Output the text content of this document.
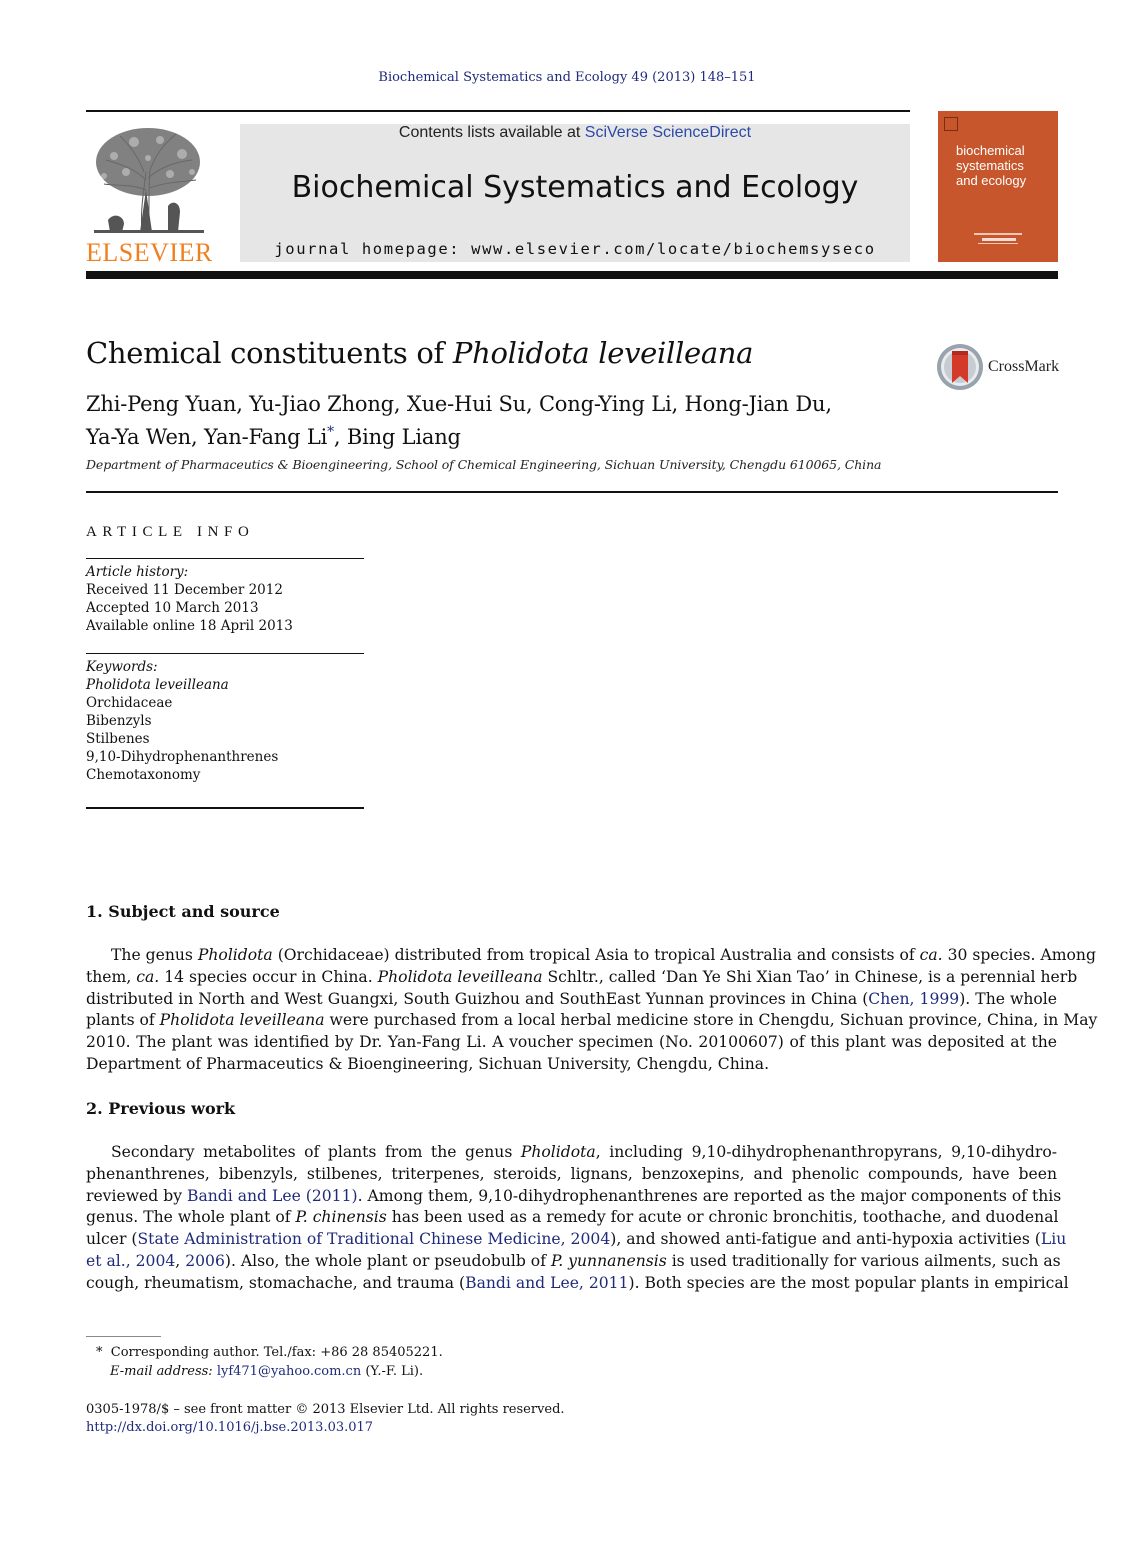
Biochemical Systematics and Ecology 49 (2013) 148–151
ELSEVIER
Contents lists available at SciVerse ScienceDirect
Biochemical Systematics and Ecology
journal homepage: www.elsevier.com/locate/biochemsyseco
biochemical
systematics
and ecology
Chemical constituents of Pholidota leveilleana	CrossMark
Zhi-Peng Yuan, Yu-Jiao Zhong, Xue-Hui Su, Cong-Ying Li, Hong-Jian Du,
Ya-Ya Wen, Yan-Fang Li*, Bing Liang
Department of Pharmaceutics & Bioengineering, School of Chemical Engineering, Sichuan University, Chengdu 610065, China
ARTICLE INFO
Article history:
Received 11 December 2012
Accepted 10 March 2013
Available online 18 April 2013
Keywords:
Pholidota leveilleana
Orchidaceae
Bibenzyls
Stilbenes
9,10-Dihydrophenanthrenes
Chemotaxonomy
1. Subject and source
The genus Pholidota (Orchidaceae) distributed from tropical Asia to tropical Australia and consists of ca. 30 species. Among
them, ca. 14 species occur in China. Pholidota leveilleana Schltr., called ‘Dan Ye Shi Xian Tao’ in Chinese, is a perennial herb
distributed in North and West Guangxi, South Guizhou and SouthEast Yunnan provinces in China (Chen, 1999). The whole
plants of Pholidota leveilleana were purchased from a local herbal medicine store in Chengdu, Sichuan province, China, in May
2010. The plant was identified by Dr. Yan-Fang Li. A voucher specimen (No. 20100607) of this plant was deposited at the
Department of Pharmaceutics & Bioengineering, Sichuan University, Chengdu, China.
2. Previous work
Secondary metabolites of plants from the genus Pholidota, including 9,10-dihydrophenanthropyrans, 9,10-dihydro-
phenanthrenes, bibenzyls, stilbenes, triterpenes, steroids, lignans, benzoxepins, and phenolic compounds, have been
reviewed by Bandi and Lee (2011). Among them, 9,10-dihydrophenanthrenes are reported as the major components of this
genus. The whole plant of P. chinensis has been used as a remedy for acute or chronic bronchitis, toothache, and duodenal
ulcer (State Administration of Traditional Chinese Medicine, 2004), and showed anti-fatigue and anti-hypoxia activities (Liu
et al., 2004, 2006). Also, the whole plant or pseudobulb of P. yunnanensis is used traditionally for various ailments, such as
cough, rheumatism, stomachache, and trauma (Bandi and Lee, 2011). Both species are the most popular plants in empirical
* Corresponding author. Tel./fax: +86 28 85405221.
E-mail address: lyf471@yahoo.com.cn (Y.-F. Li).
0305-1978/$ – see front matter © 2013 Elsevier Ltd. All rights reserved.
http://dx.doi.org/10.1016/j.bse.2013.03.017
